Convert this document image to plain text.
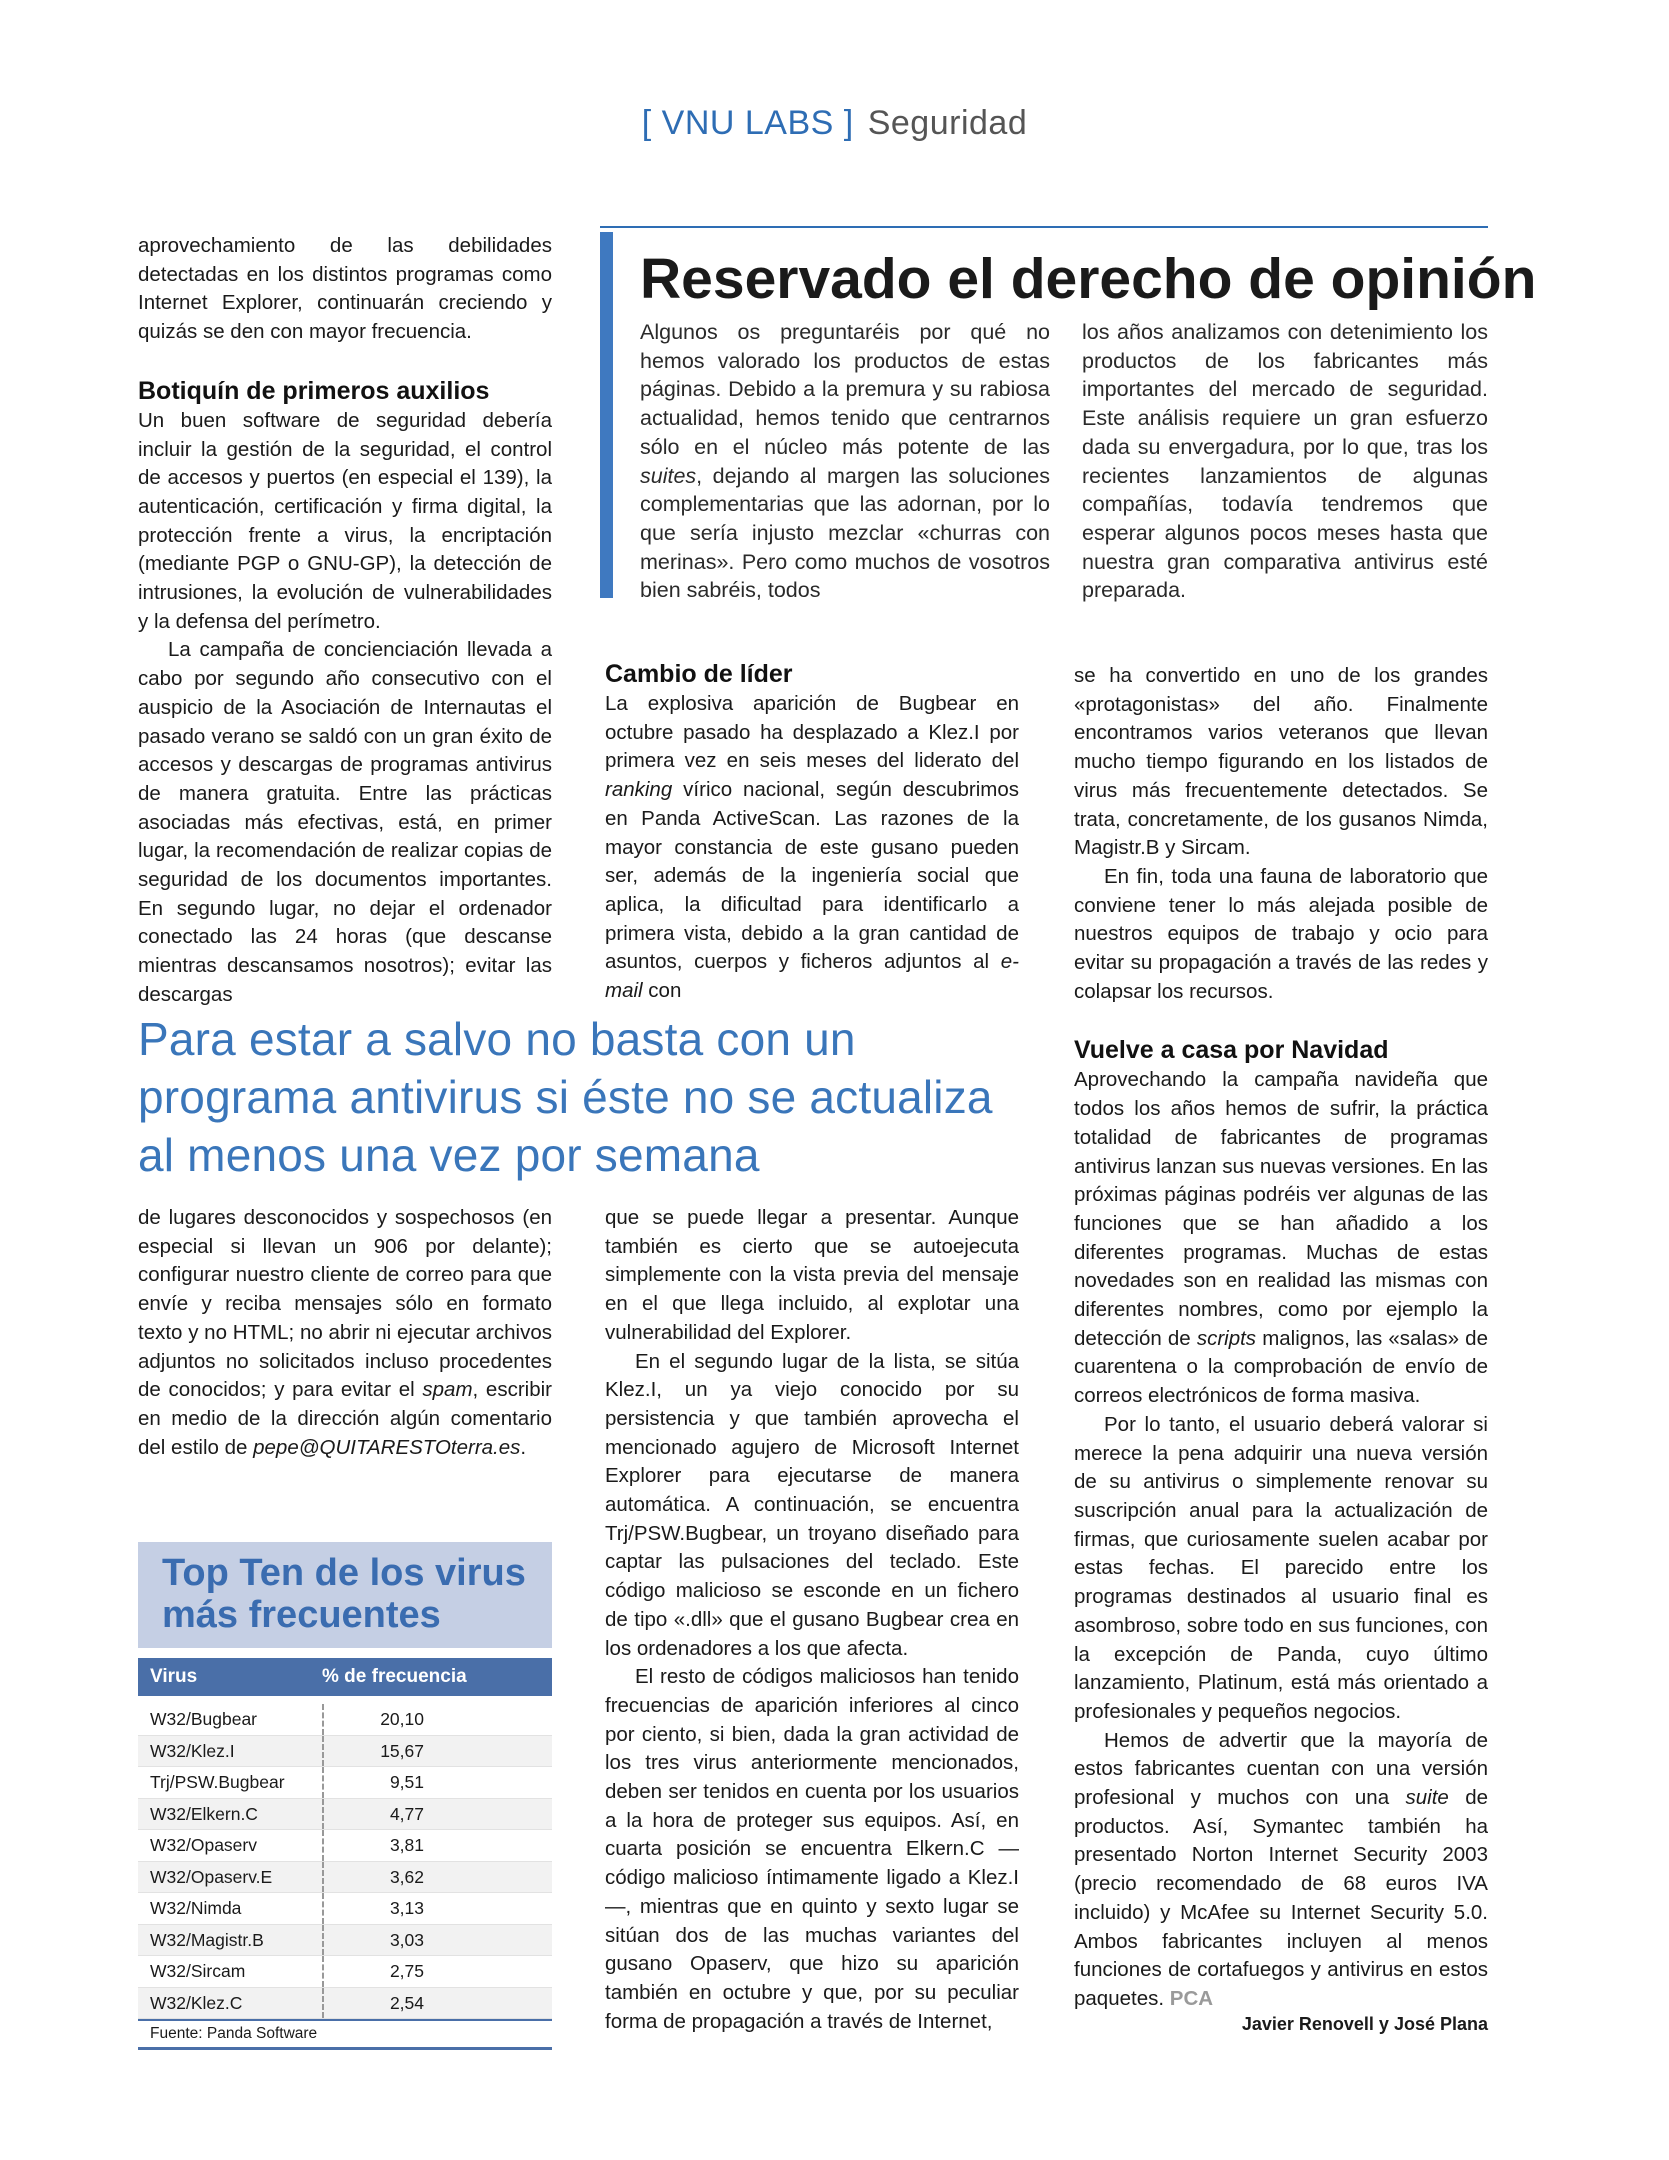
[ VNU LABS ] Seguridad

aprovechamiento de las debilidades detectadas en los distintos programas como Internet Explorer, continuarán creciendo y quizás se den con mayor frecuencia.

Botiquín de primeros auxilios

Un buen software de seguridad debería incluir la gestión de la seguridad, el control de accesos y puertos (en especial el 139), la autenticación, certificación y firma digital, la protección frente a virus, la encriptación (mediante PGP o GNU-GP), la detección de intrusiones, la evolución de vulnerabilidades y la defensa del perímetro.

La campaña de concienciación llevada a cabo por segundo año consecutivo con el auspicio de la Asociación de Internautas el pasado verano se saldó con un gran éxito de accesos y descargas de programas antivirus de manera gratuita. Entre las prácticas asociadas más efectivas, está, en primer lugar, la recomendación de realizar copias de seguridad de los documentos importantes. En segundo lugar, no dejar el ordenador conectado las 24 horas (que descanse mientras descansamos nosotros); evitar las descargas

Reservado el derecho de opinión
Algunos os preguntaréis por qué no hemos valorado los productos de estas páginas. Debido a la premura y su rabiosa actualidad, hemos tenido que centrarnos sólo en el núcleo más potente de las suites, dejando al margen las soluciones complementarias que las adornan, por lo que sería injusto mezclar «churras con merinas». Pero como muchos de vosotros bien sabréis, todos
los años analizamos con detenimiento los productos de los fabricantes más importantes del mercado de seguridad. Este análisis requiere un gran esfuerzo dada su envergadura, por lo que, tras los recientes lanzamientos de algunas compañías, todavía tendremos que esperar algunos pocos meses hasta que nuestra gran comparativa antivirus esté preparada.
Cambio de líder

La explosiva aparición de Bugbear en octubre pasado ha desplazado a Klez.I por primera vez en seis meses del liderato del ranking vírico nacional, según descubrimos en Panda ActiveScan. Las razones de la mayor constancia de este gusano pueden ser, además de la ingeniería social que aplica, la dificultad para identificarlo a primera vista, debido a la gran cantidad de asuntos, cuerpos y ficheros adjuntos al e-mail con

se ha convertido en uno de los grandes «protagonistas» del año. Finalmente encontramos varios veteranos que llevan mucho tiempo figurando en los listados de virus más frecuentemente detectados. Se trata, concretamente, de los gusanos Nimda, Magistr.B y Sircam.

En fin, toda una fauna de laboratorio que conviene tener lo más alejada posible de nuestros equipos de trabajo y ocio para evitar su propagación a través de las redes y colapsar los recursos.

Vuelve a casa por Navidad

Aprovechando la campaña navideña que todos los años hemos de sufrir, la práctica totalidad de fabricantes de programas antivirus lanzan sus nuevas versiones. En las próximas páginas podréis ver algunas de las funciones que se han añadido a los diferentes programas. Muchas de estas novedades son en realidad las mismas con diferentes nombres, como por ejemplo la detección de scripts malignos, las «salas» de cuarentena o la comprobación de envío de correos electrónicos de forma masiva.

Por lo tanto, el usuario deberá valorar si merece la pena adquirir una nueva versión de su antivirus o simplemente renovar su suscripción anual para la actualización de firmas, que curiosamente suelen acabar por estas fechas. El parecido entre los programas destinados al usuario final es asombroso, sobre todo en sus funciones, con la excepción de Panda, cuyo último lanzamiento, Platinum, está más orientado a profesionales y pequeños negocios.

Hemos de advertir que la mayoría de estos fabricantes cuentan con una versión profesional y muchos con una suite de productos. Así, Symantec también ha presentado Norton Internet Security 2003 (precio recomendado de 68 euros IVA incluido) y McAfee su Internet Security 5.0. Ambos fabricantes incluyen al menos funciones de cortafuegos y antivirus en estos paquetes. PCA

Para estar a salvo no basta con un programa antivirus si éste no se actualiza al menos una vez por semana

de lugares desconocidos y sospechosos (en especial si llevan un 906 por delante); configurar nuestro cliente de correo para que envíe y reciba mensajes sólo en formato texto y no HTML; no abrir ni ejecutar archivos adjuntos no solicitados incluso procedentes de conocidos; y para evitar el spam, escribir en medio de la dirección algún comentario del estilo de pepe@QUITARESTOterra.es.

que se puede llegar a presentar. Aunque también es cierto que se autoejecuta simplemente con la vista previa del mensaje en el que llega incluido, al explotar una vulnerabilidad del Explorer.

En el segundo lugar de la lista, se sitúa Klez.I, un ya viejo conocido por su persistencia y que también aprovecha el mencionado agujero de Microsoft Internet Explorer para ejecutarse de manera automática. A continuación, se encuentra Trj/PSW.Bugbear, un troyano diseñado para captar las pulsaciones del teclado. Este código malicioso se esconde en un fichero de tipo «.dll» que el gusano Bugbear crea en los ordenadores a los que afecta.

El resto de códigos maliciosos han tenido frecuencias de aparición inferiores al cinco por ciento, si bien, dada la gran actividad de los tres virus anteriormente mencionados, deben ser tenidos en cuenta por los usuarios a la hora de proteger sus equipos. Así, en cuarta posición se encuentra Elkern.C —código malicioso íntimamente ligado a Klez.I—, mientras que en quinto y sexto lugar se sitúan dos de las muchas variantes del gusano Opaserv, que hizo su aparición también en octubre y que, por su peculiar forma de propagación a través de Internet,

Top Ten de los virus
más frecuentes
Virus	% de frecuencia
W32/Bugbear	20,10
W32/Klez.I	15,67
Trj/PSW.Bugbear	9,51
W32/Elkern.C	4,77
W32/Opaserv	3,81
W32/Opaserv.E	3,62
W32/Nimda	3,13
W32/Magistr.B	3,03
W32/Sircam	2,75
W32/Klez.C	2,54
Fuente: Panda Software	Javier Renovell y José Plana
